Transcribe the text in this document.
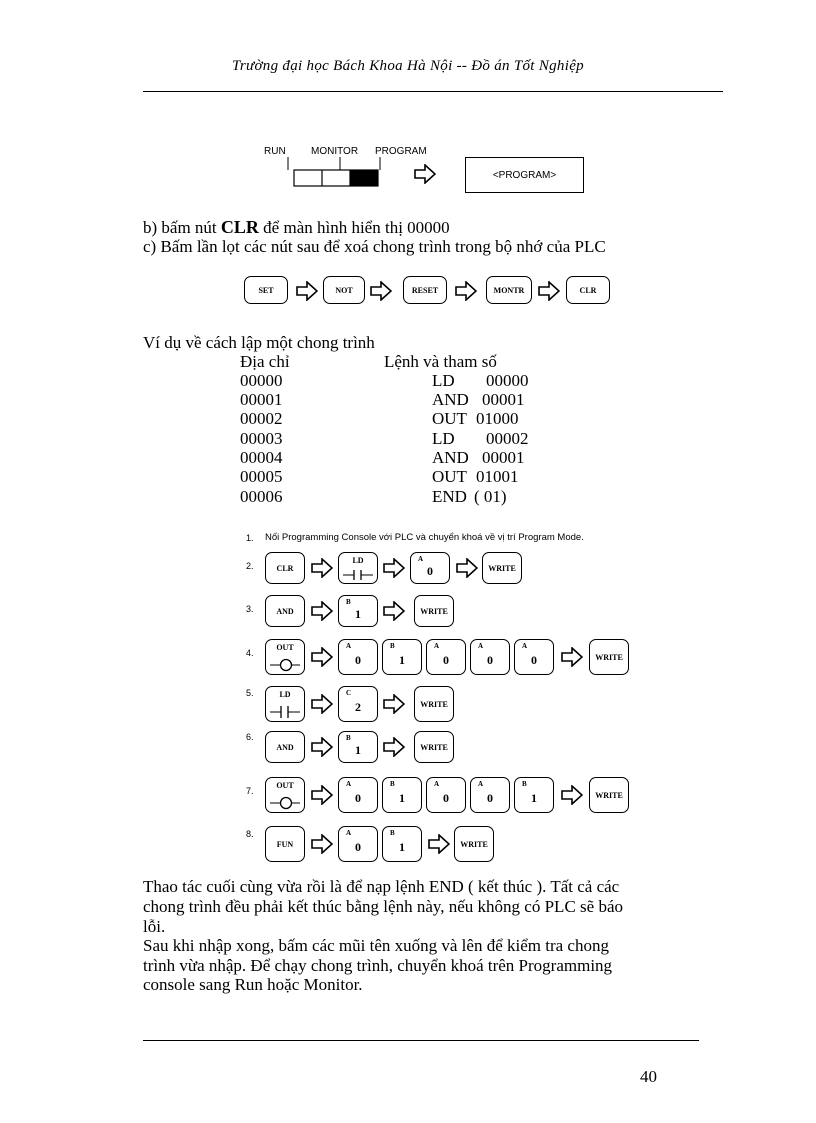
Trường đại học Bách Khoa Hà Nội -- Đồ án Tốt Nghiệp
RUN	MONITOR PROGRAM
<PROGRAM>
b) bấm nút CLR để màn hình hiển thị 00000
c) Bấm lần lọt các nút sau để xoá chong trình trong bộ nhớ của PLC
SET	NOT	RESET	MONTR	CLR
Ví dụ về cách lập một chong trình
Địa chỉ	Lệnh và tham số
00000	LD 00000
00001	AND 00001
00002	OUT 01000
00003	LD 00002
00004	AND 00001
00005	OUT 01001
00006	END ( 01)
1. Nối Programming Console với PLC và chuyển khoá về vị trí Program Mode.
2.	CLR
LD	A
0	WRITE
3.	AND
B
1	WRITE
4.
OUT	A
0
B
1
A
0
A
0
A
0	WRITE
5.	LD	C
2	WRITE
6.
AND
B
1	WRITE
7.
OUT	A
0
B
1
A
0
A
0
B
1	WRITE
8.
FUN
A
0
B
1	WRITE
Thao tác cuối cùng vừa rồi là để nạp lệnh END ( kết thúc ). Tất cả các
chong trình đều phải kết thúc bằng lệnh này, nếu không có PLC sẽ báo
lỗi.
Sau khi nhập xong, bấm các mũi tên xuống và lên để kiểm tra chong
trình vừa nhập. Để chạy chong trình, chuyển khoá trên Programming
console sang Run hoặc Monitor.
40
